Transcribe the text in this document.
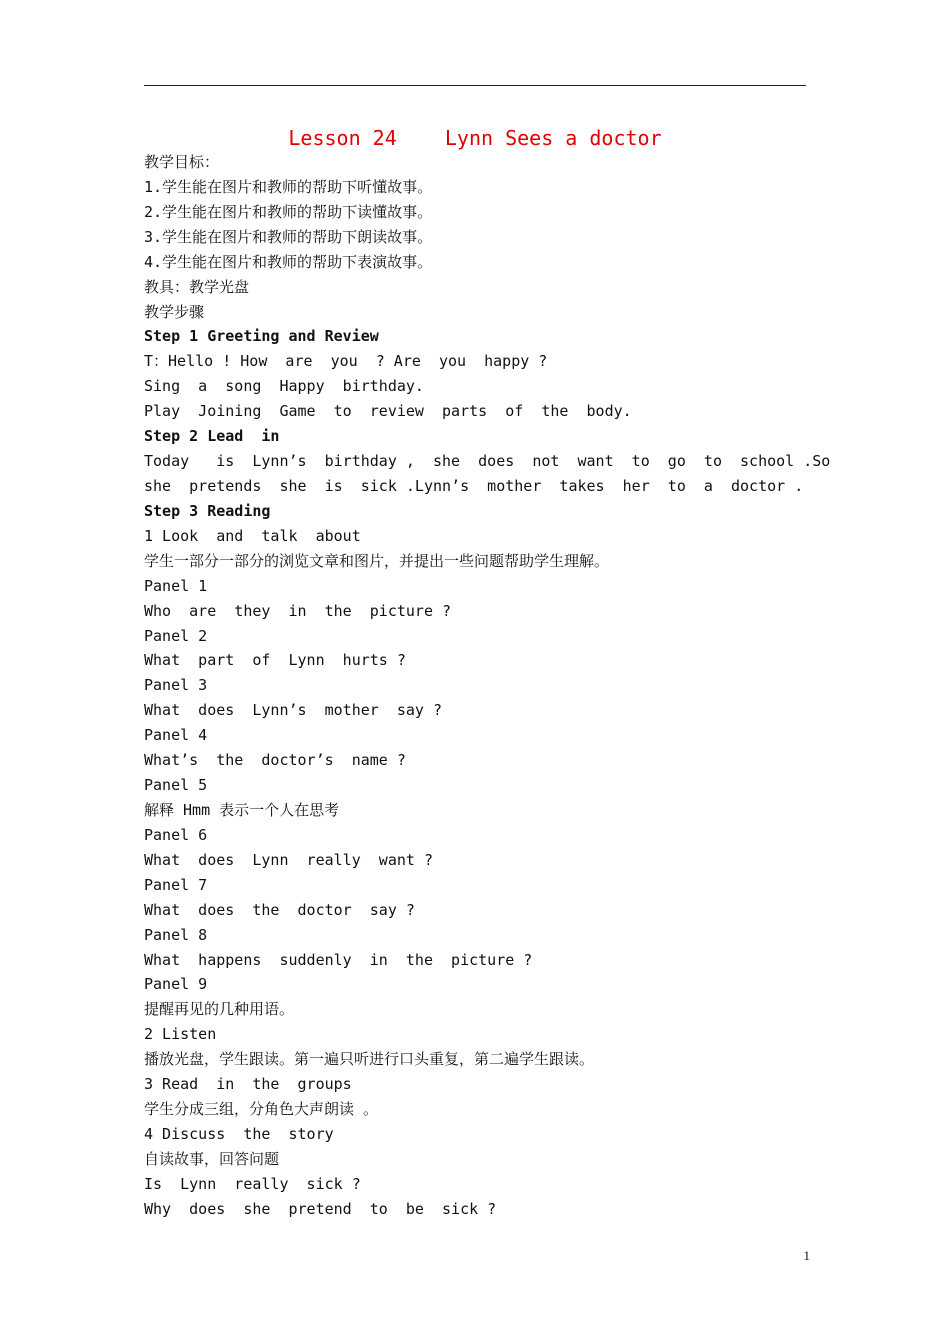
Lesson 24    Lynn Sees a doctor
教学目标：
1.学生能在图片和教师的帮助下听懂故事。
2.学生能在图片和教师的帮助下读懂故事。
3.学生能在图片和教师的帮助下朗读故事。
4.学生能在图片和教师的帮助下表演故事。
教具：教学光盘
教学步骤
Step 1 Greeting and Review
T：Hello ! How  are  you  ? Are  you  happy ?
Sing  a  song  Happy  birthday.
Play  Joining  Game  to  review  parts  of  the  body.
Step 2 Lead  in
Today   is  Lynn’s  birthday ,  she  does  not  want  to  go  to  school .So
she  pretends  she  is  sick .Lynn’s  mother  takes  her  to  a  doctor .
Step 3 Reading
1 Look  and  talk  about
学生一部分一部分的浏览文章和图片，并提出一些问题帮助学生理解。
Panel 1
Who  are  they  in  the  picture ?
Panel 2
What  part  of  Lynn  hurts ?
Panel 3
What  does  Lynn’s  mother  say ?
Panel 4
What’s  the  doctor’s  name ?
Panel 5
解释 Hmm 表示一个人在思考
Panel 6
What  does  Lynn  really  want ?
Panel 7
What  does  the  doctor  say ?
Panel 8
What  happens  suddenly  in  the  picture ?
Panel 9
提醒再见的几种用语。
2 Listen
播放光盘，学生跟读。第一遍只听进行口头重复，第二遍学生跟读。
3 Read  in  the  groups
学生分成三组，分角色大声朗读 。
4 Discuss  the  story
自读故事，回答问题
Is  Lynn  really  sick ?
Why  does  she  pretend  to  be  sick ?
1
